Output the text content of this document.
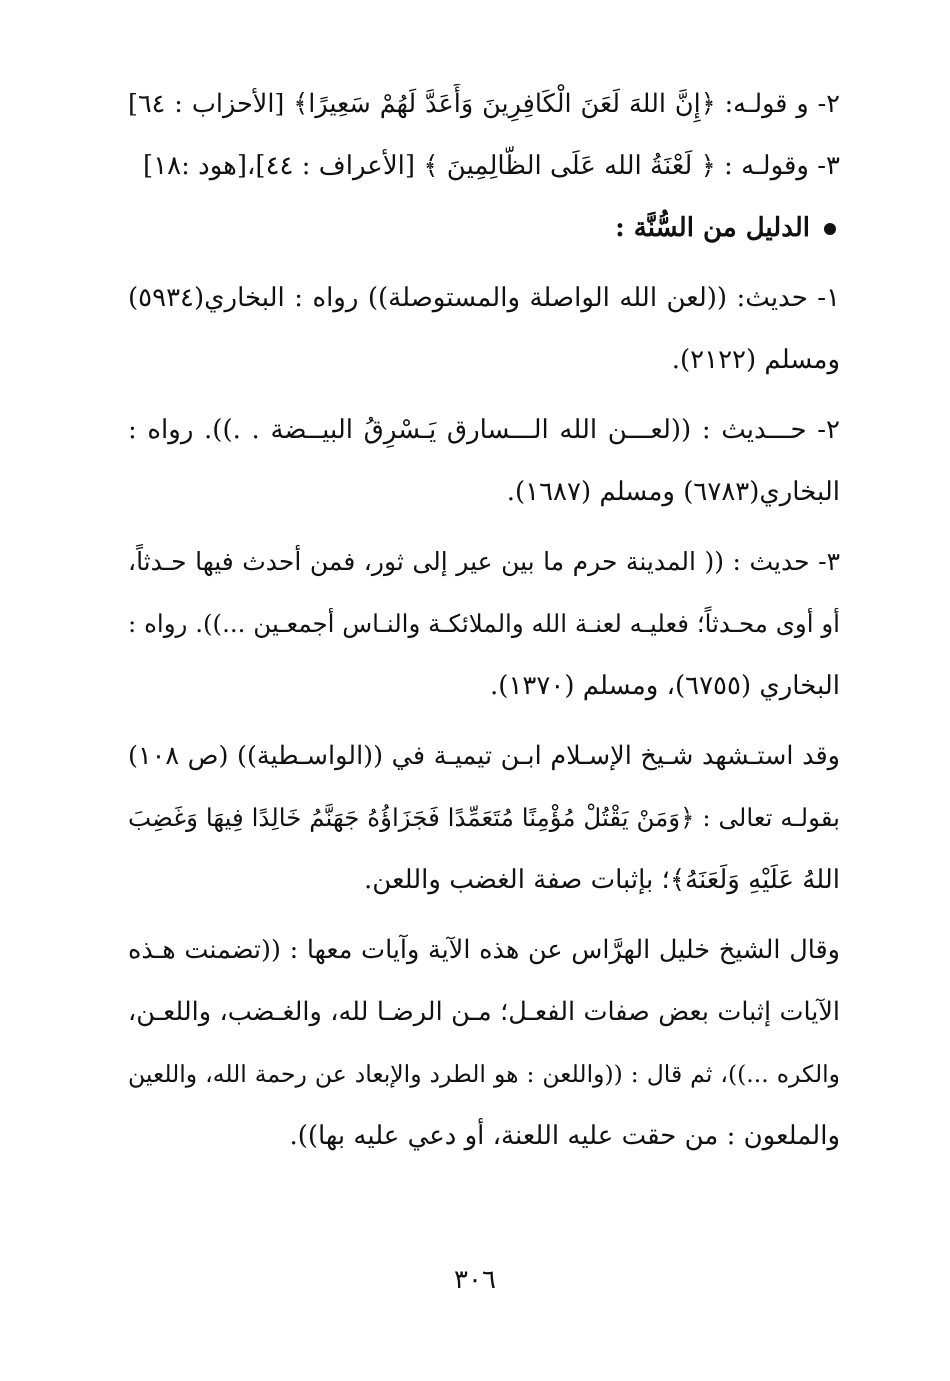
٢- و قولـه: ﴿إِنَّ اللهَ لَعَنَ الْكَافِرِينَ وَأَعَدَّ لَهُمْ سَعِيرًا﴾ [الأحزاب : ٦٤]
٣- وقولـه : ﴿ لَعْنَةُ الله عَلَى الظَّالِمِينَ ﴾ [الأعراف : ٤٤]،[هود :١٨]
الدليل من السُّنَّة :
١- حديث: ((لعن الله الواصلة والمستوصلة)) رواه : البخاري(٥٩٣٤)
ومسلم (٢١٢٢).
٢- حـــديث : ((لعـــن الله الـــسارق يَـسْرِقُ البيــضة . .)). رواه :
البخاري(٦٧٨٣) ومسلم (١٦٨٧).
٣- حديث : (( المدينة حرم ما بين عير إلى ثور، فمن أحدث فيها حـدثاً،
أو أوى محـدثاً؛ فعليـه لعنـة الله والملائكـة والنـاس أجمعـين ...)). رواه :
البخاري (٦٧٥٥)، ومسلم (١٣٧٠).
وقد استـشهد شـيخ الإسـلام ابـن تيميـة في ((الواسـطية)) (ص ١٠٨)
بقولـه تعالى : ﴿وَمَنْ يَقْتُلْ مُؤْمِنًا مُتَعَمِّدًا فَجَزَاؤُهُ جَهَنَّمُ خَالِدًا فِيهَا وَغَضِبَ
اللهُ عَلَيْهِ وَلَعَنَهُ﴾؛ بإثبات صفة الغضب واللعن.
وقال الشيخ خليل الهرَّاس عن هذه الآية وآيات معها : ((تضمنت هـذه
الآيات إثبات بعض صفات الفعـل؛ مـن الرضـا لله، والغـضب، واللعـن،
والكره ...))، ثم قال : ((واللعن : هو الطرد والإبعاد عن رحمة الله، واللعين
والملعون : من حقت عليه اللعنة، أو دعي عليه بها)).
٣٠٦
